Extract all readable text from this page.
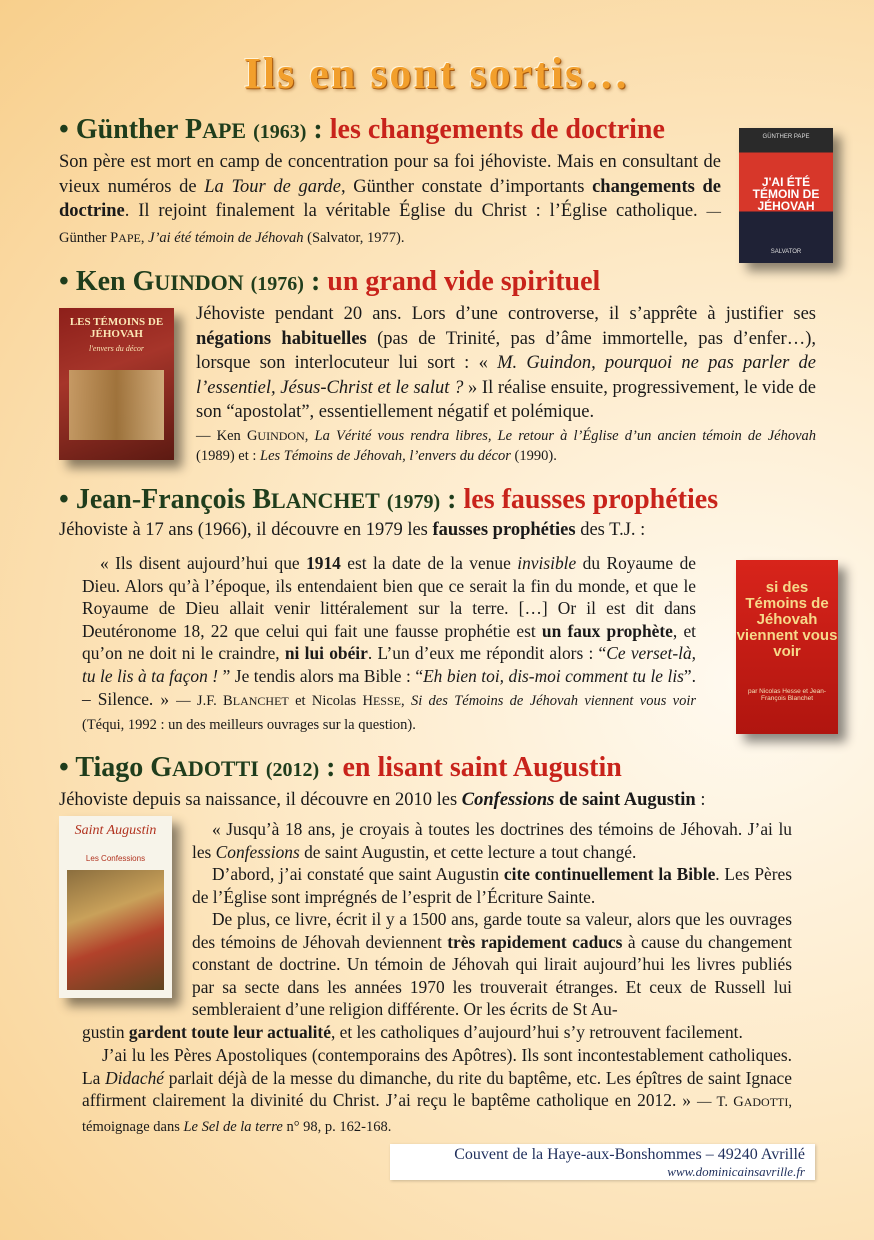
Ils en sont sortis…
• Günther PAPE (1963) : les changements de doctrine
Son père est mort en camp de concentration pour sa foi jéhoviste. Mais en consultant de vieux numéros de La Tour de garde, Günther constate d’importants changements de doctrine. Il rejoint finalement la véritable Église du Christ : l’Église catholique. — Günther PAPE, J’ai été témoin de Jéhovah (Salvator, 1977).
GÜNTHER PAPE
J'AI ÉTÉ TÉMOIN DE JÉHOVAH
SALVATOR
• Ken GUINDON (1976) : un grand vide spirituel
LES TÉMOINS DE JÉHOVAH
l'envers du décor
Jéhoviste pendant 20 ans. Lors d’une controverse, il s’apprête à justifier ses négations habituelles (pas de Trinité, pas d’âme immortelle, pas d’enfer…), lorsque son interlocuteur lui sort : « M. Guindon, pourquoi ne pas parler de l’essentiel, Jésus-Christ et le salut ? » Il réalise ensuite, progressivement, le vide de son “apostolat”, essentiellement négatif et polémique.
— Ken GUINDON, La Vérité vous rendra libres, Le retour à l’Église d’un ancien témoin de Jéhovah (1989) et : Les Témoins de Jéhovah, l’envers du décor (1990).
• Jean-François BLANCHET (1979) : les fausses prophéties
Jéhoviste à 17 ans (1966), il découvre en 1979 les fausses prophéties des T.J. :
« Ils disent aujourd’hui que 1914 est la date de la venue invisible du Royaume de Dieu. Alors qu’à l’époque, ils entendaient bien que ce serait la fin du monde, et que le Royaume de Dieu allait venir littéralement sur la terre. […] Or il est dit dans Deutéronome 18, 22 que celui qui fait une fausse prophétie est un faux prophète, et qu’on ne doit ni le craindre, ni lui obéir. L’un d’eux me répondit alors : “Ce verset-là, tu le lis à ta façon ! ” Je tendis alors ma Bible : “Eh bien toi, dis-moi comment tu le lis”. – Silence. » — J.F. BLANCHET et Nicolas HESSE, Si des Témoins de Jéhovah viennent vous voir (Téqui, 1992 : un des meilleurs ouvrages sur la question).
si des Témoins de Jéhovah viennent vous voir
par Nicolas Hesse et Jean-François Blanchet
• Tiago GADOTTI (2012) : en lisant saint Augustin
Jéhoviste depuis sa naissance, il découvre en 2010 les Confessions de saint Augustin :
Saint Augustin
Les Confessions
« Jusqu’à 18 ans, je croyais à toutes les doctrines des témoins de Jéhovah. J’ai lu les Confessions de saint Augustin, et cette lecture a tout changé.
D’abord, j’ai constaté que saint Augustin cite continuellement la Bible. Les Pères de l’Église sont imprégnés de l’esprit de l’Écriture Sainte.
De plus, ce livre, écrit il y a 1500 ans, garde toute sa valeur, alors que les ouvrages des témoins de Jéhovah deviennent très rapidement caducs à cause du changement constant de doctrine. Un témoin de Jéhovah qui lirait aujourd’hui les livres publiés par sa secte dans les années 1970 les trouverait étranges. Et ceux de Russell lui sembleraient d’une religion différente. Or les écrits de St Au-
gustin gardent toute leur actualité, et les catholiques d’aujourd’hui s’y retrouvent facilement.
J’ai lu les Pères Apostoliques (contemporains des Apôtres). Ils sont incontestablement catholiques. La Didaché parlait déjà de la messe du dimanche, du rite du baptême, etc. Les épîtres de saint Ignace affirment clairement la divinité du Christ. J’ai reçu le baptême catholique en 2012. » — T. GADOTTI, témoignage dans Le Sel de la terre n° 98, p. 162-168.
Couvent de la Haye-aux-Bonshommes – 49240 Avrillé
www.dominicainsavrille.fr
